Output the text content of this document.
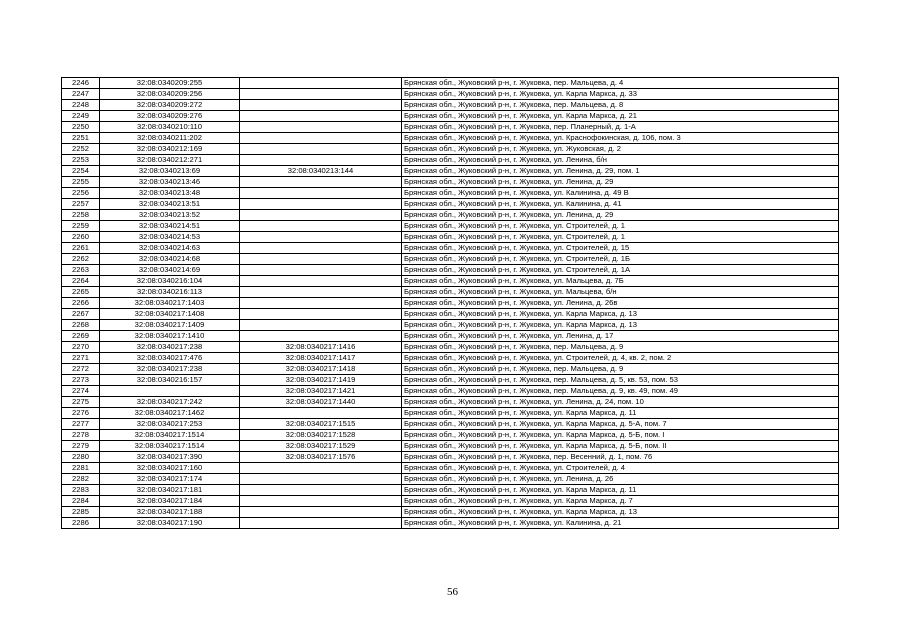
2246	32:08:0340209:255		Брянская обл., Жуковский р-н, г. Жуковка, пер. Мальцева, д. 4
2247	32:08:0340209:256		Брянская обл., Жуковский р-н, г. Жуковка, ул. Карла Маркса, д. 33
2248	32:08:0340209:272		Брянская обл., Жуковский р-н, г. Жуковка, пер. Мальцева, д. 8
2249	32:08:0340209:276		Брянская обл., Жуковский р-н, г. Жуковка, ул. Карла Маркса, д. 21
2250	32:08:0340210:110		Брянская обл., Жуковский р-н, г. Жуковка, пер. Планерный, д. 1-А
2251	32:08:0340211:202		Брянская обл., Жуковский р-н, г. Жуковка, ул. Краснофокинская, д. 106, пом. 3
2252	32:08:0340212:169		Брянская обл., Жуковский р-н, г. Жуковка, ул. Жуковская, д. 2
2253	32:08:0340212:271		Брянская обл., Жуковский р-н, г. Жуковка, ул. Ленина, б/н
2254	32:08:0340213:69	32:08:0340213:144	Брянская обл., Жуковский р-н, г. Жуковка, ул. Ленина, д. 29, пом. 1
2255	32:08:0340213:46		Брянская обл., Жуковский р-н, г. Жуковка, ул. Ленина, д. 29
2256	32:08:0340213:48		Брянская обл., Жуковский р-н, г. Жуковка, ул. Калинина, д. 49 В
2257	32:08:0340213:51		Брянская обл., Жуковский р-н, г. Жуковка, ул. Калинина, д. 41
2258	32:08:0340213:52		Брянская обл., Жуковский р-н, г. Жуковка, ул. Ленина, д. 29
2259	32:08:0340214:51		Брянская обл., Жуковский р-н, г. Жуковка, ул. Строителей, д. 1
2260	32:08:0340214:53		Брянская обл., Жуковский р-н, г. Жуковка, ул. Строителей, д. 1
2261	32:08:0340214:63		Брянская обл., Жуковский р-н, г. Жуковка, ул. Строителей, д. 15
2262	32:08:0340214:68		Брянская обл., Жуковский р-н, г. Жуковка, ул. Строителей, д. 1Б
2263	32:08:0340214:69		Брянская обл., Жуковский р-н, г. Жуковка, ул. Строителей, д. 1А
2264	32:08:0340216:104		Брянская обл., Жуковский р-н, г. Жуковка, ул. Мальцева, д. 7Б
2265	32:08:0340216:113		Брянская обл., Жуковский р-н, г. Жуковка, ул. Мальцева, б/н
2266	32:08:0340217:1403		Брянская обл., Жуковский р-н, г. Жуковка, ул. Ленина, д. 26в
2267	32:08:0340217:1408		Брянская обл., Жуковский р-н, г. Жуковка, ул. Карла Маркса, д. 13
2268	32:08:0340217:1409		Брянская обл., Жуковский р-н, г. Жуковка, ул. Карла Маркса, д. 13
2269	32:08:0340217:1410		Брянская обл., Жуковский р-н, г. Жуковка, ул. Ленина, д. 17
2270	32:08:0340217:238	32:08:0340217:1416	Брянская обл., Жуковский р-н, г. Жуковка, пер. Мальцева, д. 9
2271	32:08:0340217:476	32:08:0340217:1417	Брянская обл., Жуковский р-н, г. Жуковка, ул. Строителей, д. 4, кв. 2, пом. 2
2272	32:08:0340217:238	32:08:0340217:1418	Брянская обл., Жуковский р-н, г. Жуковка, пер. Мальцева, д. 9
2273	32:08:0340216:157	32:08:0340217:1419	Брянская обл., Жуковский р-н, г. Жуковка, пер. Мальцева, д. 5, кв. 53, пом. 53
2274		32:08:0340217:1421	Брянская обл., Жуковский р-н, г. Жуковка, пер. Мальцева, д. 9, кв. 49, пом. 49
2275	32:08:0340217:242	32:08:0340217:1440	Брянская обл., Жуковский р-н, г. Жуковка, ул. Ленина, д. 24, пом. 10
2276	32:08:0340217:1462		Брянская обл., Жуковский р-н, г. Жуковка, ул. Карла Маркса, д. 11
2277	32:08:0340217:253	32:08:0340217:1515	Брянская обл., Жуковский р-н, г. Жуковка, ул. Карла Маркса, д. 5-А, пом. 7
2278	32:08:0340217:1514	32:08:0340217:1528	Брянская обл., Жуковский р-н, г. Жуковка, ул. Карла Маркса, д. 5-Б, пом. I
2279	32:08:0340217:1514	32:08:0340217:1529	Брянская обл., Жуковский р-н, г. Жуковка, ул. Карла Маркса, д. 5-Б, пом. II
2280	32:08:0340217:390	32:08:0340217:1576	Брянская обл., Жуковский р-н, г. Жуковка, пер. Весенний, д. 1, пом. 76
2281	32:08:0340217:160		Брянская обл., Жуковский р-н, г. Жуковка, ул. Строителей, д. 4
2282	32:08:0340217:174		Брянская обл., Жуковский р-н, г. Жуковка, ул. Ленина, д. 26
2283	32:08:0340217:181		Брянская обл., Жуковский р-н, г. Жуковка, ул. Карла Маркса, д. 11
2284	32:08:0340217:184		Брянская обл., Жуковский р-н, г. Жуковка, ул. Карла Маркса, д. 7
2285	32:08:0340217:188		Брянская обл., Жуковский р-н, г. Жуковка, ул. Карла Маркса, д. 13
2286	32:08:0340217:190		Брянская обл., Жуковский р-н, г. Жуковка, ул. Калинина, д. 21
56
